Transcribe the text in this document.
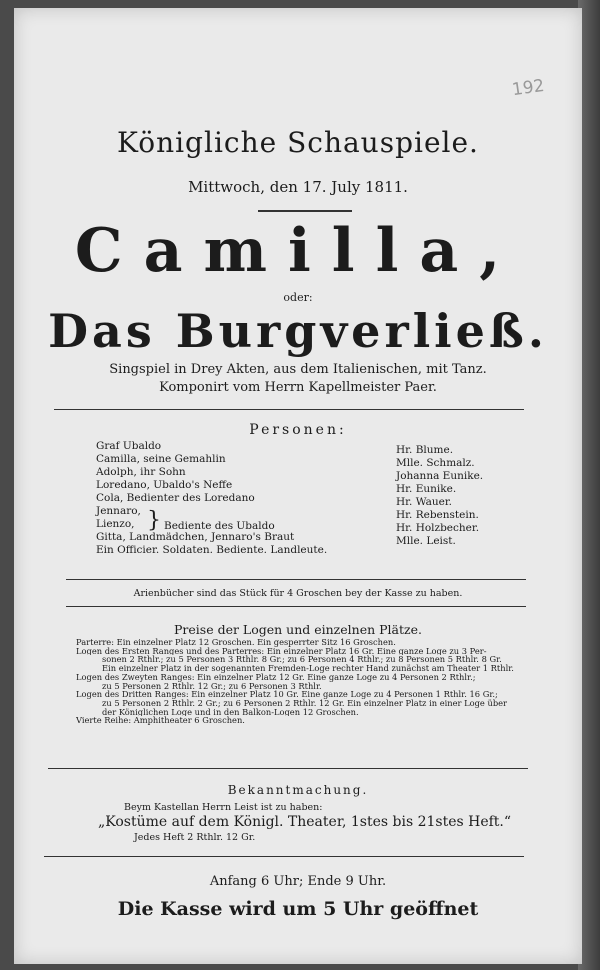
192
Königliche Schauspiele.
Mittwoch, den 17. July 1811.
Camilla,
oder:
Das Burgverließ.
Singspiel in Drey Akten, aus dem Italienischen, mit Tanz.
Komponirt vom Herrn Kapellmeister Paer.
Personen:
Graf Ubaldo
Camilla, seine Gemahlin
Adolph, ihr Sohn
Loredano, Ubaldo's Neffe
Cola, Bedienter des Loredano
Jennaro,
Lienzo,
Gitta, Landmädchen, Jennaro's Braut
Ein Officier. Soldaten. Bediente. Landleute.
} Bediente des Ubaldo
Hr. Blume.
Mlle. Schmalz.
Johanna Eunike.
Hr. Eunike.
Hr. Wauer.
Hr. Rebenstein.
Hr. Holzbecher.
Mlle. Leist.
Arienbücher sind das Stück für 4 Groschen bey der Kasse zu haben.
Preise der Logen und einzelnen Plätze.
Parterre: Ein einzelner Platz 12 Groschen. Ein gesperrter Sitz 16 Groschen.
Logen des Ersten Ranges und des Parterres: Ein einzelner Platz 16 Gr. Eine ganze Loge zu 3 Per-
sonen 2 Rthlr.; zu 5 Personen 3 Rthlr. 8 Gr.; zu 6 Personen 4 Rthlr.; zu 8 Personen 5 Rthlr. 8 Gr.
Ein einzelner Platz in der sogenannten Fremden-Loge rechter Hand zunächst am Theater 1 Rthlr.
Logen des Zweyten Ranges: Ein einzelner Platz 12 Gr. Eine ganze Loge zu 4 Personen 2 Rthlr.;
zu 5 Personen 2 Rthlr. 12 Gr.; zu 6 Personen 3 Rthlr.
Logen des Dritten Ranges: Ein einzelner Platz 10 Gr. Eine ganze Loge zu 4 Personen 1 Rthlr. 16 Gr.;
zu 5 Personen 2 Rthlr. 2 Gr.; zu 6 Personen 2 Rthlr. 12 Gr. Ein einzelner Platz in einer Loge über
der Königlichen Loge und in den Balkon-Logen 12 Groschen.
Vierte Reihe: Amphitheater 6 Groschen.
Bekanntmachung.
Beym Kastellan Herrn Leist ist zu haben:
„Kostüme auf dem Königl. Theater, 1stes bis 21stes Heft.“
Jedes Heft 2 Rthlr. 12 Gr.
Anfang 6 Uhr; Ende 9 Uhr.
Die Kasse wird um 5 Uhr geöffnet
